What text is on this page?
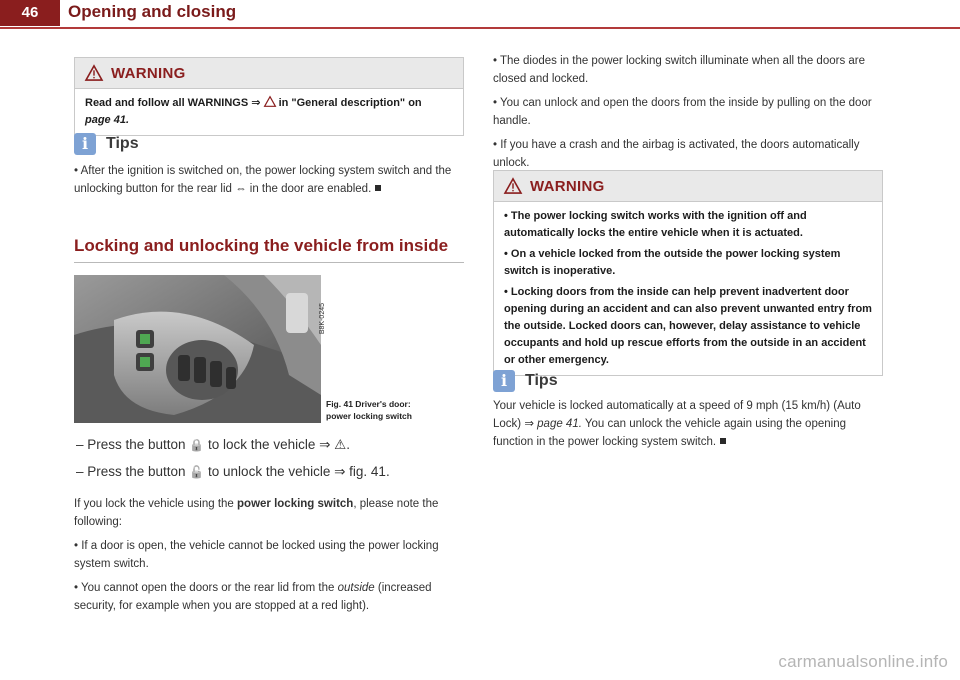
46	Opening and closing
WARNING
Read and follow all WARNINGS ⇒  in "General description" on
page 41.
i	Tips
• After the ignition is switched on, the power locking system switch and the unlocking button for the rear lid ⇔ in the door are enabled.
Locking and unlocking the vehicle from inside
B8K-0245
Fig. 41 Driver's door:
power locking switch
– Press the button 🔒 to lock the vehicle ⇒ ⚠.
– Press the button 🔓 to unlock the vehicle ⇒ fig. 41.

If you lock the vehicle using the power locking switch, please note the following:

• If a door is open, the vehicle cannot be locked using the power locking system switch.

• You cannot open the doors or the rear lid from the outside (increased security, for example when you are stopped at a red light).

• The diodes in the power locking switch illuminate when all the doors are closed and locked.

• You can unlock and open the doors from the inside by pulling on the door handle.

• If you have a crash and the airbag is activated, the doors automatically unlock.

WARNING

• The power locking switch works with the ignition off and automatically locks the entire vehicle when it is actuated.

• On a vehicle locked from the outside the power locking system switch is inoperative.

• Locking doors from the inside can help prevent inadvertent door opening during an accident and can also prevent unwanted entry from the outside. Locked doors can, however, delay assistance to vehicle occupants and hold up rescue efforts from the outside in an accident or other emergency.

i	Tips
Your vehicle is locked automatically at a speed of 9 mph (15 km/h) (Auto Lock) ⇒ page 41. You can unlock the vehicle again using the opening function in the power locking system switch.
carmanualsonline.info
